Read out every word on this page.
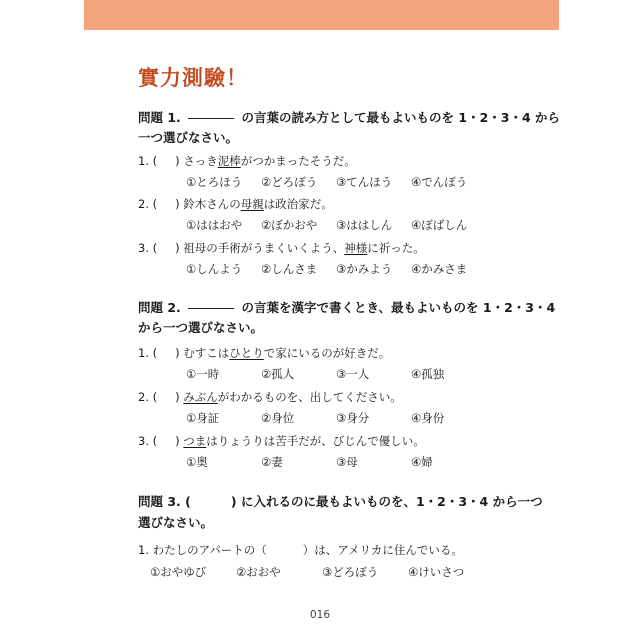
實力測驗！
問題 1.	の言葉の読み方として最もよいものを 1・2・3・4 から
一つ選びなさい。
1. ( ) さっき泥棒がつかまったそうだ。
①とろほう ②どろぼう ③てんほう ④でんぼう
2. ( ) 鈴木さんの母親は政治家だ。
①ははおや ②ぼかおや ③ははしん ④ぼばしん
3. ( ) 祖母の手術がうまくいくよう、神様に祈った。
①しんよう ②しんさま ③かみよう ④かみさま
問題 2.	の言葉を漢字で書くとき、最もよいものを 1・2・3・4
から一つ選びなさい。
1. ( ) むすこはひとりで家にいるのが好きだ。
①一時	②孤人	③一人	④孤独
2. ( ) みぶんがわかるものを、出してください。
①身証	②身位	③身分	④身份
3. ( ) つまはりょうりは苦手だが、びじんで優しい。
①奥	②妻	③母	④婦
問題 3. (	) に入れるのに最もよいものを、1・2・3・4 から一つ
選びなさい。
1. わたしのアパートの（	）は、アメリカに住んでいる。
①おやゆび	②おおや	③どろぼう	④けいさつ
016
